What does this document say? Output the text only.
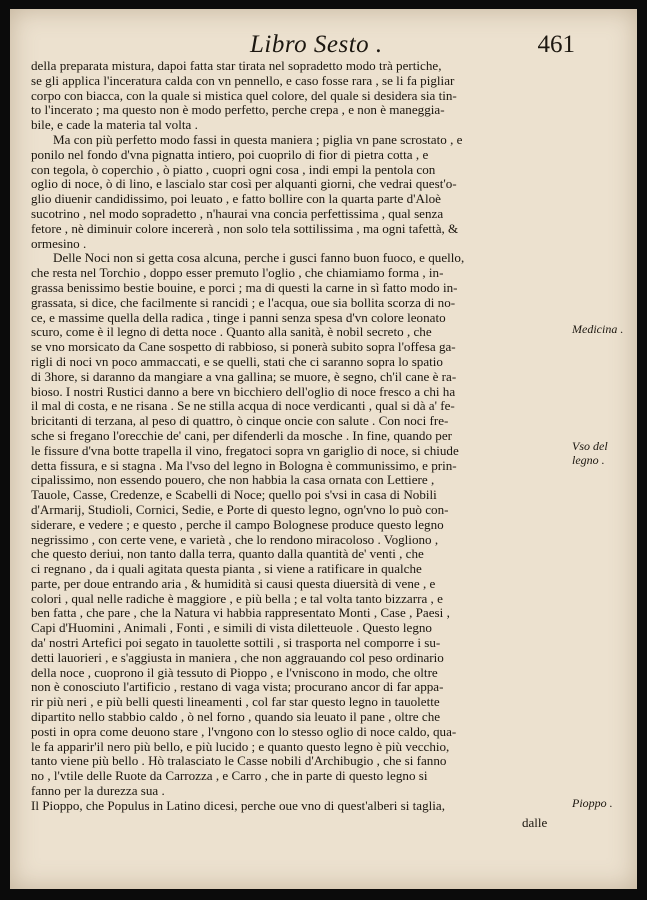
Libro Sesto .	461
della preparata mistura, dapoi fatta star tirata nel sopradetto modo trà pertiche,
se gli applica l'inceratura calda con vn pennello, e caso fosse rara , se li fa pigliar
corpo con biacca, con la quale si mistica quel colore, del quale si desidera sia tin-
to l'incerato ; ma questo non è modo perfetto, perche crepa , e non è maneggia-
bile, e cade la materia tal volta .
Ma con più perfetto modo fassi in questa maniera ; piglia vn pane scrostato , e
ponilo nel fondo d'vna pignatta intiero, poi cuoprilo di fior di pietra cotta , e
con tegola, ò coperchio , ò piatto , cuopri ogni cosa , indi empi la pentola con
oglio di noce, ò di lino, e lascialo star così per alquanti giorni, che vedrai quest'o-
glio diuenir candidissimo, poi leuato , e fatto bollire con la quarta parte d'Aloè
sucotrino , nel modo sopradetto , n'haurai vna concia perfettissima , qual senza
fetore , nè diminuir colore incererà , non solo tela sottilissima , ma ogni tafettà, &
ormesino .
Delle Noci non si getta cosa alcuna, perche i gusci fanno buon fuoco, e quello,
che resta nel Torchio , doppo esser premuto l'oglio , che chiamiamo forma , in-
grassa benissimo bestie bouine, e porci ; ma di questi la carne in sì fatto modo in-
grassata, si dice, che facilmente si rancidi ; e l'acqua, oue sia bollita scorza di no-
ce, e massime quella della radica , tinge i panni senza spesa d'vn colore leonato
scuro, come è il legno di detta noce . Quanto alla sanità, è nobil secreto , che
se vno morsicato da Cane sospetto di rabbioso, si ponerà subito sopra l'offesa ga-
rigli di noci vn poco ammaccati, e se quelli, stati che ci saranno sopra lo spatio
di 3hore, si daranno da mangiare a vna gallina; se muore, è segno, ch'il cane è ra-
bioso. I nostri Rustici danno a bere vn bicchiero dell'oglio di noce fresco a chi ha
il mal di costa, e ne risana . Se ne stilla acqua di noce verdicanti , qual si dà a' fe-
bricitanti di terzana, al peso di quattro, ò cinque oncie con salute . Con noci fre-
sche si fregano l'orecchie de' cani, per difenderli da mosche . In fine, quando per
le fissure d'vna botte trapella il vino, fregatoci sopra vn gariglio di noce, si chiude
detta fissura, e si stagna . Ma l'vso del legno in Bologna è communissimo, e prin-
cipalissimo, non essendo pouero, che non habbia la casa ornata con Lettiere ,
Tauole, Casse, Credenze, e Scabelli di Noce; quello poi s'vsi in casa di Nobili
d'Armarij, Studioli, Cornici, Sedie, e Porte di questo legno, ogn'vno lo può con-
siderare, e vedere ; e questo , perche il campo Bolognese produce questo legno
negrissimo , con certe vene, e varietà , che lo rendono miracoloso . Vogliono ,
che questo deriui, non tanto dalla terra, quanto dalla quantità de' venti , che
ci regnano , da i quali agitata questa pianta , si viene a ratificare in qualche
parte, per doue entrando aria , & humidità si causi questa diuersità di vene , e
colori , qual nelle radiche è maggiore , e più bella ; e tal volta tanto bizzarra , e
ben fatta , che pare , che la Natura vi habbia rappresentato Monti , Case , Paesi ,
Capi d'Huomini , Animali , Fonti , e simili di vista diletteuole . Questo legno
da' nostri Artefici poi segato in tauolette sottili , si trasporta nel comporre i su-
detti lauorieri , e s'aggiusta in maniera , che non aggrauando col peso ordinario
della noce , cuoprono il già tessuto di Pioppo , e l'vniscono in modo, che oltre
non è conosciuto l'artificio , restano di vaga vista; procurano ancor di far appa-
rir più neri , e più belli questi lineamenti , col far star questo legno in tauolette
dipartito nello stabbio caldo , ò nel forno , quando sia leuato il pane , oltre che
posti in opra come deuono stare , l'vngono con lo stesso oglio di noce caldo, qua-
le fa apparir'il nero più bello, e più lucido ; e quanto questo legno è più vecchio,
tanto viene più bello . Hò tralasciato le Casse nobili d'Archibugio , che si fanno
no , l'vtile delle Ruote da Carrozza , e Carro , che in parte di questo legno si
fanno per la durezza sua .
Il Pioppo, che Populus in Latino dicesi, perche oue vno di quest'alberi si taglia,
Medicina .
Vso del legno .
Pioppo .
dalle
